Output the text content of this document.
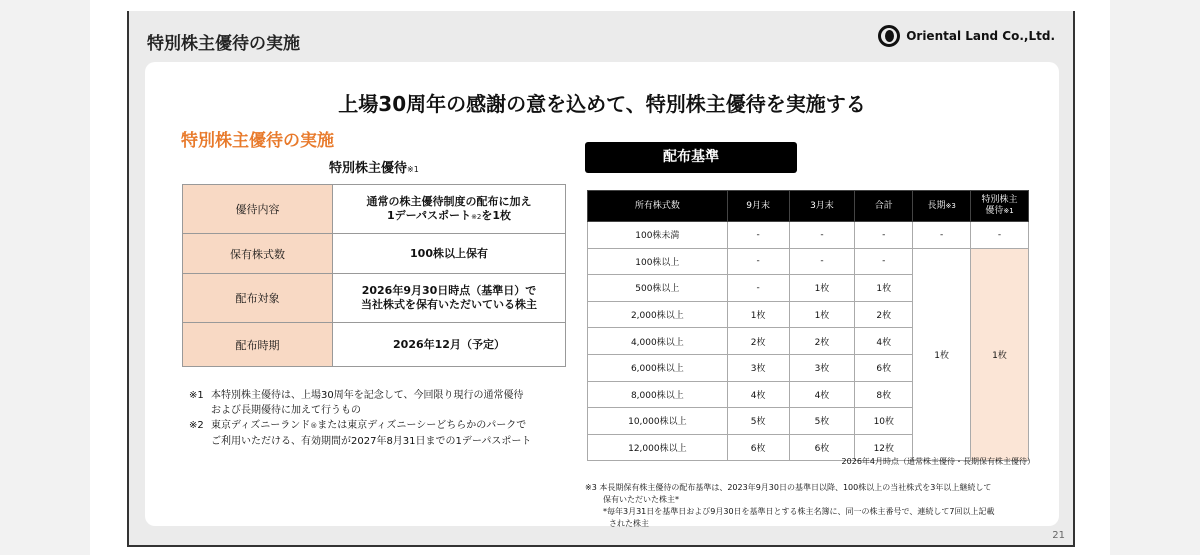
特別株主優待の実施	Oriental Land Co.,Ltd.
上場30周年の感謝の意を込めて、特別株主優待を実施する
特別株主優待の実施
特別株主優待※1
優待内容	通常の株主優待制度の配布に加え
1デーパスポート※2を1枚

保有株式数	100株以上保有
配布対象	2026年9月30日時点（基準日）で
当社株式を保有いただいている株主

配布時期	2026年12月（予定）
※1 本特別株主優待は、上場30周年を記念して、今回限り現行の通常優待
および長期優待に加えて行うもの
※2 東京ディズニーランド®または東京ディズニーシーどちらかのパークで
ご利用いただける、有効期間が2027年8月31日までの1デーパスポート
配布基準
所有株式数	9月末	3月末	合計	長期※3	特別株主
優待※1

100株未満	-	-	-	-	-
100株以上	-	-	-	1枚	1枚
500株以上	-	1枚	1枚		
2,000株以上	1枚	1枚	2枚		
4,000株以上	2枚	2枚	4枚		
6,000株以上	3枚	3枚	6枚		
8,000株以上	4枚	4枚	8枚		
10,000株以上	5枚	5枚	10枚		
12,000株以上	6枚	6枚	12枚		
2026年4月時点（通常株主優待・長期保有株主優待）
※3 本長期保有株主優待の配布基準は、2023年9月30日の基準日以降、100株以上の当社株式を3年以上継続して
保有いただいた株主*
*毎年3月31日を基準日および9月30日を基準日とする株主名簿に、同一の株主番号で、連続して7回以上記載
された株主
21
